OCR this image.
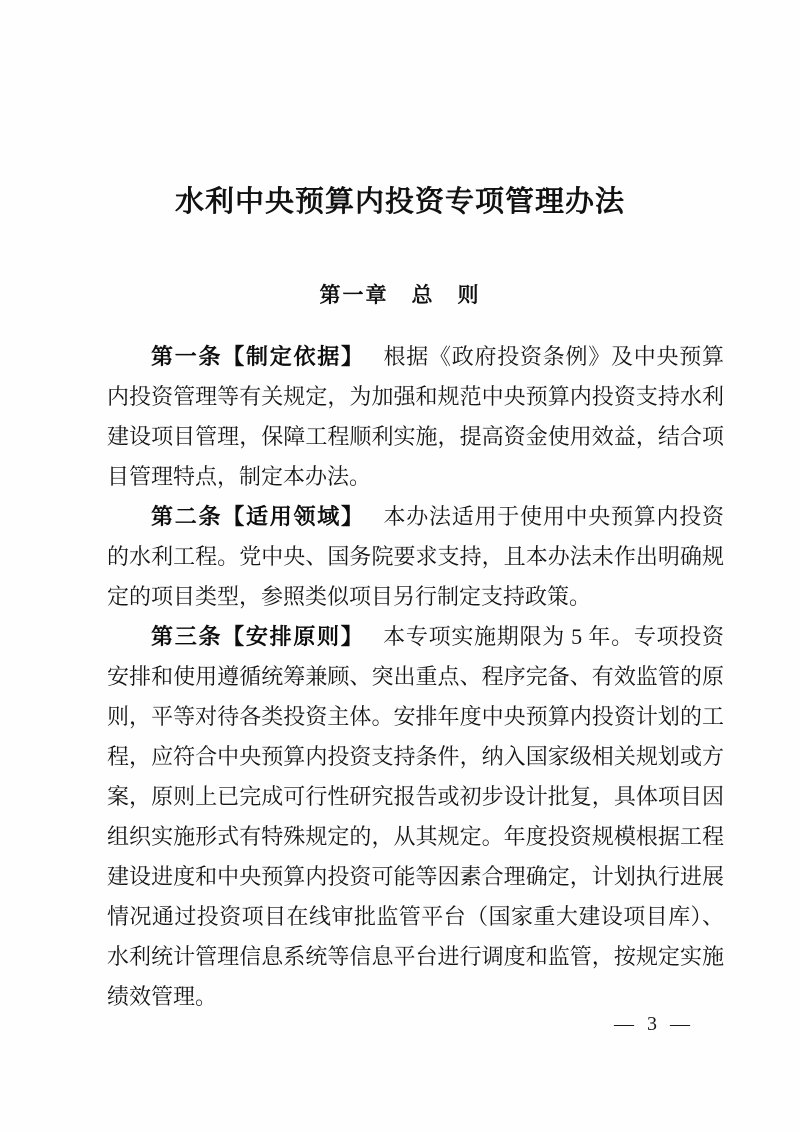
水利中央预算内投资专项管理办法
第一章　总　则

第一条【制定依据】 根据《政府投资条例》及中央预算内投资管理等有关规定，为加强和规范中央预算内投资支持水利建设项目管理，保障工程顺利实施，提高资金使用效益，结合项目管理特点，制定本办法。

第二条【适用领域】 本办法适用于使用中央预算内投资的水利工程。党中央、国务院要求支持，且本办法未作出明确规定的项目类型，参照类似项目另行制定支持政策。

第三条【安排原则】 本专项实施期限为 5 年。专项投资安排和使用遵循统筹兼顾、突出重点、程序完备、有效监管的原则，平等对待各类投资主体。安排年度中央预算内投资计划的工程，应符合中央预算内投资支持条件，纳入国家级相关规划或方案，原则上已完成可行性研究报告或初步设计批复，具体项目因组织实施形式有特殊规定的，从其规定。年度投资规模根据工程建设进度和中央预算内投资可能等因素合理确定，计划执行进展情况通过投资项目在线审批监管平台（国家重大建设项目库）、水利统计管理信息系统等信息平台进行调度和监管，按规定实施绩效管理。

— 3 —
